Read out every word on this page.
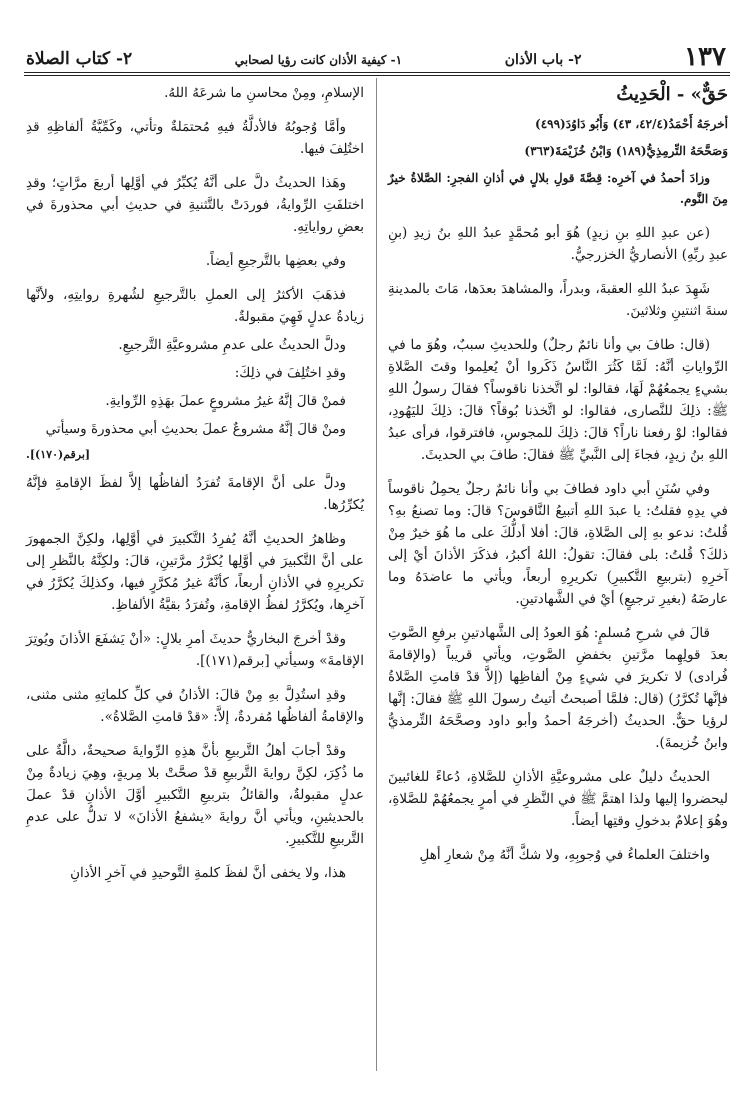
١٣٧
٢- باب الأذان
١- كيفية الأذان كانت رؤيا لصحابي
٢- كتاب الصلاة
حَقٌّ» - الْحَدِيثُ
أخرجَهُ أَحْمَدُ(٤٢/٤، ٤٣) وَأَبُو دَاوُدَ(٤٩٩)
وَصَحَّحَهُ التِّرمِذِيُّ(١٨٩) وَابْنُ خُزَيْمَةَ(٣٦٣)
وزادَ أحمدُ في آخرِه: قِصَّةَ قولِ بلالٍ في أذانِ الفجرِ: الصَّلاةُ خيرٌ مِنَ النَّوم.
(عن عبدِ اللهِ بنِ زيدٍ) هُوَ أبو مُحمَّدٍ عبدُ اللهِ بنُ زيدِ (بنِ عبدِ ربِّهِ) الأنصاريُّ الخزرجيُّ.
شَهِدَ عبدُ اللهِ العقبةَ، وبدراً، والمشاهدَ بعدَها، مَاتَ بالمدينةِ سنةَ اثنتينِ وثلاثينَ.
(قال: طافَ بي وأنا نائمٌ رجلٌ) وللحديثِ سببٌ، وهُوَ ما في الرِّواياتِ أنَّهُ: لَمَّا كَثُرَ النَّاسُ ذَكَروا أنْ يُعلِموا وقتَ الصَّلاةِ بشيءٍ يجمعُهُمْ لَهَا، فقالوا: لو اتَّخذنا ناقوساً؟ فقالَ رسولُ اللهِ ﷺ: ذلِكَ للنَّصارى، فقالوا: لو اتَّخذنا بُوقاً؟ قالَ: ذلِكَ لليَهُودِ، فقالوا: لوْ رفعنا ناراً؟ قالَ: ذلِكَ للمجوسِ، فافترقوا، فرأى عبدُ اللهِ بنُ زيدٍ، فجاءَ إلى النَّبيِّ ﷺ فقالَ: طافَ بي الحديثَ.
وفي سُنَنِ أبي داود فطافَ بي وأنا نائمٌ رجلٌ يحمِلُ ناقوساً في يدِهِ فقلتُ: يا عبدَ اللهِ أتبيعُ النَّاقوسَ؟ قالَ: وما تصنعُ بهِ؟ قُلتُ: ندعو بهِ إلى الصَّلاةِ، قالَ: أفلا أدلُّكَ على ما هُوَ خيرٌ مِنْ ذلكَ؟ قُلتُ: بلى فقالَ: تقولُ: اللهُ أكبرُ، فذكَرَ الأذانَ أيْ إلى آخرِهِ (بتربيعِ التَّكبيرِ) تكريرِهِ أربعاً، ويأتي ما عاضدَهُ وما عارضَهُ (بغيرِ ترجيعٍ) أيْ في الشَّهادتينِ.
قالَ في شرحِ مُسلمٍ: هُوَ العودُ إلى الشَّهادتينِ برفعِ الصَّوتِ بعدَ قولِهِما مرَّتينِ بخفضِ الصَّوتِ، ويأتي قريباً (والإقامةَ فُرادى) لا تكريرَ في شيءٍ مِنْ ألفاظِها (إلاَّ قدْ قامتِ الصَّلاةُ فإنَّها تُكرَّرُ) (قال: فلمَّا أصبحتُ أتيتُ رسولَ اللهِ ﷺ فقالَ: إنَّها لرؤيا حقٌّ. الحديثُ (أخرجَهُ أحمدُ وأبو داود وصحَّحَهُ التِّرمذيُّ وابنُ خُزيمةَ).
الحديثُ دليلٌ على مشروعيَّةِ الأذانِ للصَّلاةِ، دُعاءً للغائبينَ ليحضروا إليها ولذا اهتمَّ ﷺ في النَّظرِ في أمرٍ يجمعُهُمْ للصَّلاةِ، وهُوَ إعلامٌ بدخولِ وقتِها أيضاً.
واختلفَ العلماءُ في وُجوبِهِ، ولا شكَّ أنَّهُ مِنْ شعارِ أهلِ
الإسلامِ، ومِنْ محاسنِ ما شرعَهُ اللهُ.
وأمَّا وُجوبُهُ فالأدلَّةُ فيهِ مُحتمَلةٌ وتأتي، وكَمِّيَّةُ ألفاظِهِ قدِ اختُلِفَ فيها.
وهَذا الحديثُ دلَّ على أنَّهُ يُكبِّرُ في أوَّلِها أربعَ مرَّاتٍ؛ وقدِ اختلفَتِ الرِّوايةُ، فوردَتْ بالتَّثنيةِ في حديثِ أبي محذورةَ في بعضِ رواياتِهِ.
وفي بعضِها بالتَّرجيعِ أيضاً.
فذهَبَ الأكثرُ إلى العملِ بالتَّرجيعِ لشُهرةِ روايتِهِ، ولأنَّها زيادةُ عدلٍ فَهِيَ مقبولةٌ.
ودلَّ الحديثُ على عدمِ مشروعيَّةِ التَّرجيعِ.
وقدِ اختُلِفَ في ذلِكَ:
فمنْ قالَ إنَّهُ غيرُ مشروعٍ عملَ بهَذِهِ الرِّوايةِ.
ومنْ قالَ إنَّهُ مشروعٌ عملَ بحديثِ أبي محذورةَ وسيأتي
[برقم(١٧٠)].
ودلَّ على أنَّ الإقامةَ تُفرَدُ ألفاظُها إلاَّ لفظَ الإقامةِ فإنَّهُ يُكرِّرُها.
وظاهرُ الحديثِ أنَّهُ يُفرِدُ التَّكبيرَ في أوَّلِها، ولكِنَّ الجمهورَ على أنَّ التَّكبيرَ في أوَّلِها يُكرَّرُ مرَّتينِ، قالَ: ولكِنَّهُ بالنَّظرِ إلى تكريرِهِ في الأذانِ أربعاً، كأنَّهُ غيرُ مُكرَّرٍ فيها، وكذلِكَ يُكرَّرُ في آخرِها، ويُكرَّرُ لفظُ الإقامةِ، وتُفرَدُ بقيَّةُ الألفاظِ.
وقدْ أخرجَ البخاريُّ حديثَ أمرِ بلالٍ: «أنْ يَشفَعَ الأذانَ ويُوتِرَ الإقامةَ» وسيأتي [برقم(١٧١)].
وقدِ استُدِلَّ بهِ مِنْ قالَ: الأذانُ في كلِّ كلماتِهِ مثنى مثنى، والإقامةُ ألفاظُها مُفردةٌ، إلاَّ: «قدْ قامتِ الصَّلاةُ».
وقدْ أجابَ أهلُ التَّربيعِ بأنَّ هذِهِ الرِّوايةَ صحيحةٌ، دالَّةٌ على ما ذُكِرَ، لكِنَّ روايةَ التَّربيعِ قدْ صحَّتْ بلا مِريةٍ، وهِيَ زيادةٌ مِنْ عدلٍ مقبولةٌ، والقائلُ بتربيعِ التَّكبيرِ أوَّلَ الأذانِ قدْ عملَ بالحديثينِ، ويأتي أنَّ روايةَ «يشفعُ الأذانَ» لا تدلُّ على عدمِ التَّربيعِ للتَّكبيرِ.
هذا، ولا يخفى أنَّ لفظَ كلمةِ التَّوحيدِ في آخرِ الأذانِ
